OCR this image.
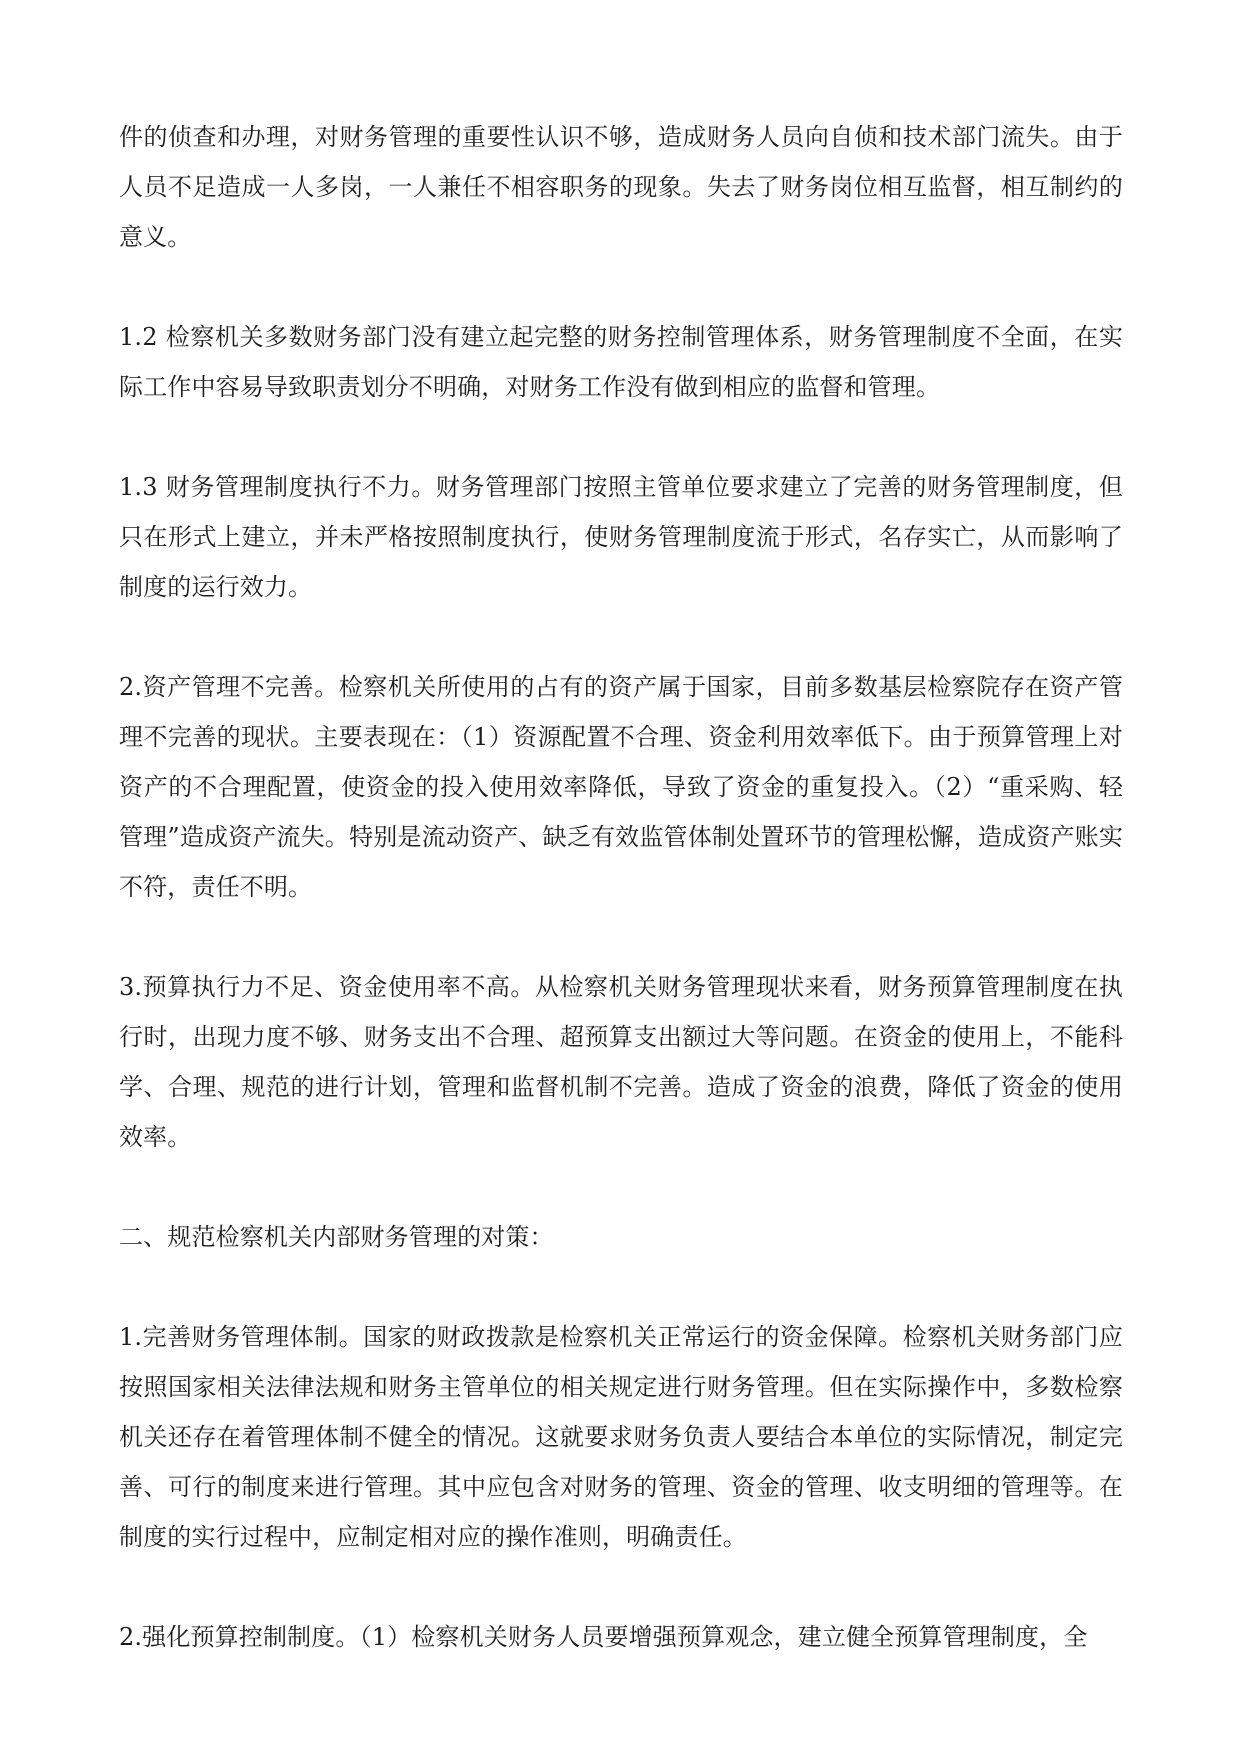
件的侦查和办理，对财务管理的重要性认识不够，造成财务人员向自侦和技术部门流失。由于人员不足造成一人多岗，一人兼任不相容职务的现象。失去了财务岗位相互监督，相互制约的意义。

1.2 检察机关多数财务部门没有建立起完整的财务控制管理体系，财务管理制度不全面，在实际工作中容易导致职责划分不明确，对财务工作没有做到相应的监督和管理。

1.3 财务管理制度执行不力。财务管理部门按照主管单位要求建立了完善的财务管理制度，但只在形式上建立，并未严格按照制度执行，使财务管理制度流于形式，名存实亡，从而影响了制度的运行效力。

2.资产管理不完善。检察机关所使用的占有的资产属于国家，目前多数基层检察院存在资产管理不完善的现状。主要表现在：（1）资源配置不合理、资金利用效率低下。由于预算管理上对资产的不合理配置，使资金的投入使用效率降低，导致了资金的重复投入。（2）“重采购、轻管理”造成资产流失。特别是流动资产、缺乏有效监管体制处置环节的管理松懈，造成资产账实不符，责任不明。

3.预算执行力不足、资金使用率不高。从检察机关财务管理现状来看，财务预算管理制度在执行时，出现力度不够、财务支出不合理、超预算支出额过大等问题。在资金的使用上，不能科学、合理、规范的进行计划，管理和监督机制不完善。造成了资金的浪费，降低了资金的使用效率。

二、规范检察机关内部财务管理的对策：

1.完善财务管理体制。国家的财政拨款是检察机关正常运行的资金保障。检察机关财务部门应按照国家相关法律法规和财务主管单位的相关规定进行财务管理。但在实际操作中，多数检察机关还存在着管理体制不健全的情况。这就要求财务负责人要结合本单位的实际情况，制定完善、可行的制度来进行管理。其中应包含对财务的管理、资金的管理、收支明细的管理等。在制度的实行过程中，应制定相对应的操作准则，明确责任。

2.强化预算控制制度。（1）检察机关财务人员要增强预算观念，建立健全预算管理制度，全
